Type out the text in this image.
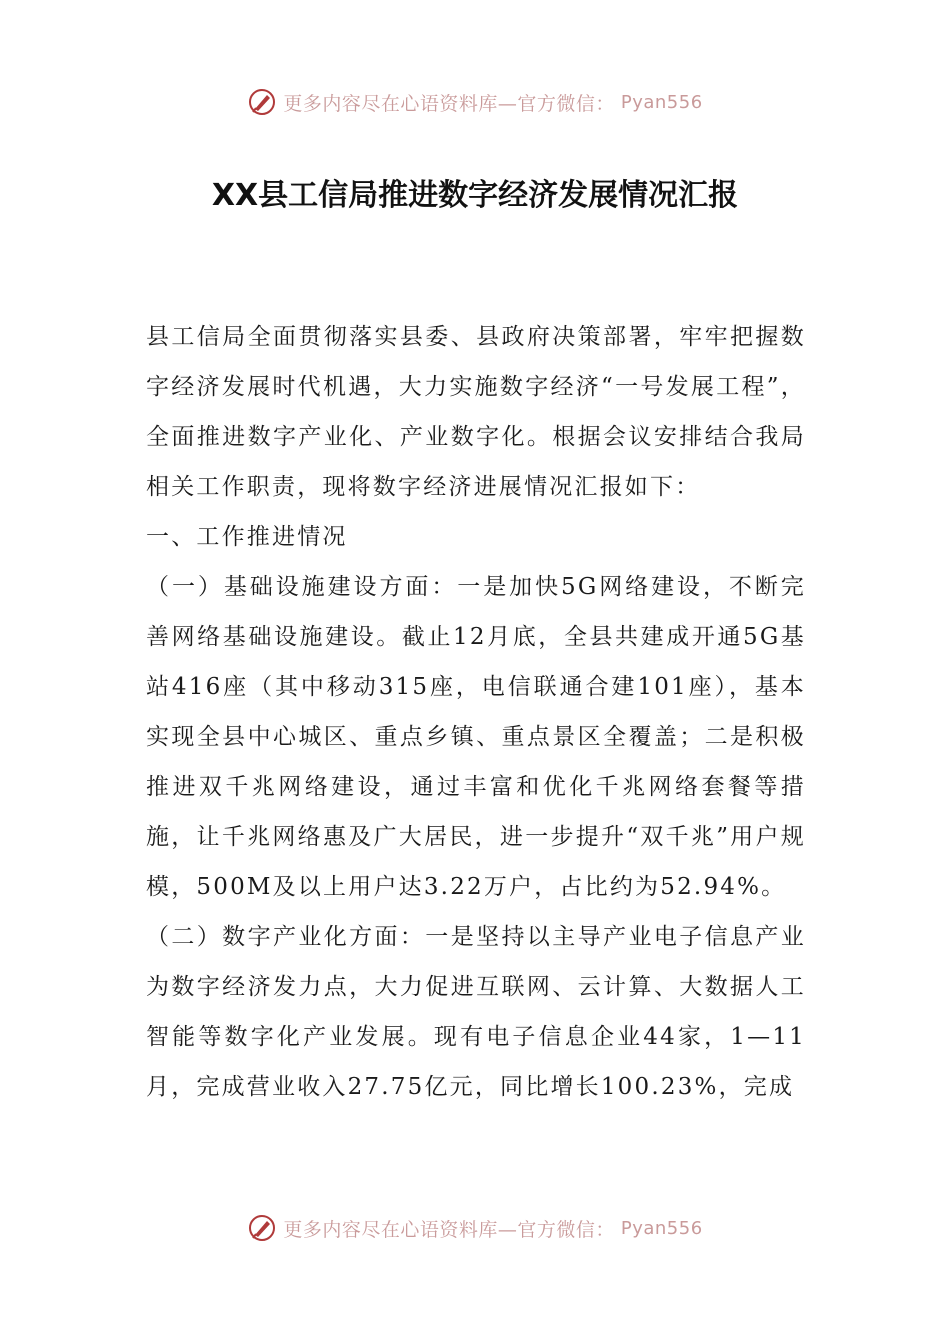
更多内容尽在心语资料库—官方微信： Pyan556
XX县工信局推进数字经济发展情况汇报

县工信局全面贯彻落实县委、县政府决策部署，牢牢把握数字经济发展时代机遇，大力实施数字经济“一号发展工程”，全面推进数字产业化、产业数字化。根据会议安排结合我局相关工作职责，现将数字经济进展情况汇报如下：

一、工作推进情况

（一）基础设施建设方面：一是加快5G网络建设，不断完善网络基础设施建设。截止12月底，全县共建成开通5G基站416座（其中移动315座，电信联通合建101座），基本实现全县中心城区、重点乡镇、重点景区全覆盖；二是积极推进双千兆网络建设，通过丰富和优化千兆网络套餐等措施，让千兆网络惠及广大居民，进一步提升“双千兆”用户规模，500M及以上用户达3.22万户，占比约为52.94%。

（二）数字产业化方面：一是坚持以主导产业电子信息产业为数字经济发力点，大力促进互联网、云计算、大数据人工智能等数字化产业发展。现有电子信息企业44家，1—11月，完成营业收入27.75亿元，同比增长100.23%，完成

更多内容尽在心语资料库—官方微信： Pyan556
